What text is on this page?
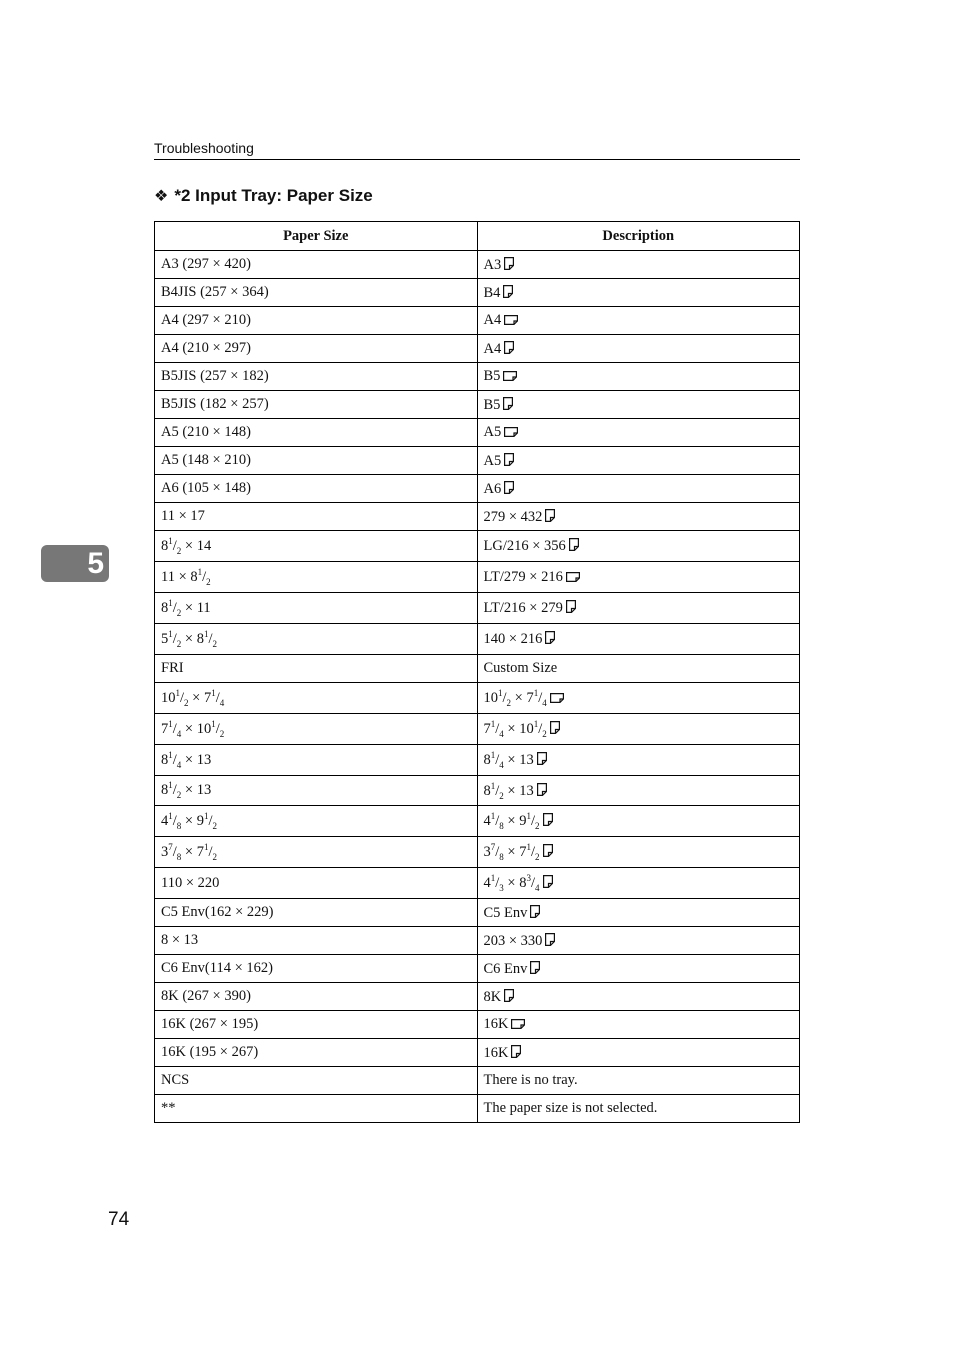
Troubleshooting
❖ *2 Input Tray: Paper Size
Paper Size	Description
A3 (297 × 420)	A3

B4JIS (257 × 364)	B4

A4 (297 × 210)	A4

A4 (210 × 297)	A4

B5JIS (257 × 182)	B5

B5JIS (182 × 257)	B5

A5 (210 × 148)	A5

A5 (148 × 210)	A5

A6 (105 × 148)	A6

11 × 17	279 × 432

$8^1/_2 \times 14$	LG/216 × 356

$11 \times 8^1/_2$	LT/279 × 216

$8^1/_2 \times 11$	LT/216 × 279

$5^1/_2 \times 8^1/_2$	140 × 216

FRI	Custom Size
$10^1/_2 \times 7^1/_4$	$10^1/_2 \times 7^1/_4$

$7^1/_4 \times 10^1/_2$	$7^1/_4 \times 10^1/_2$

$8^1/_4 \times 13$	$8^1/_4 \times 13$

$8^1/_2 \times 13$	$8^1/_2 \times 13$

$4^1/_8 \times 9^1/_2$	$4^1/_8 \times 9^1/_2$

$3^7/_8 \times 7^1/_2$	$3^7/_8 \times 7^1/_2$

110 × 220	$4^1/_3 \times 8^3/_4$

C5 Env(162 × 229)	C5 Env

8 × 13	203 × 330

C6 Env(114 × 162)	C6 Env

8K (267 × 390)	8K

16K (267 × 195)	16K

16K (195 × 267)	16K

NCS	There is no tray.
**	The paper size is not selected.
5
74
